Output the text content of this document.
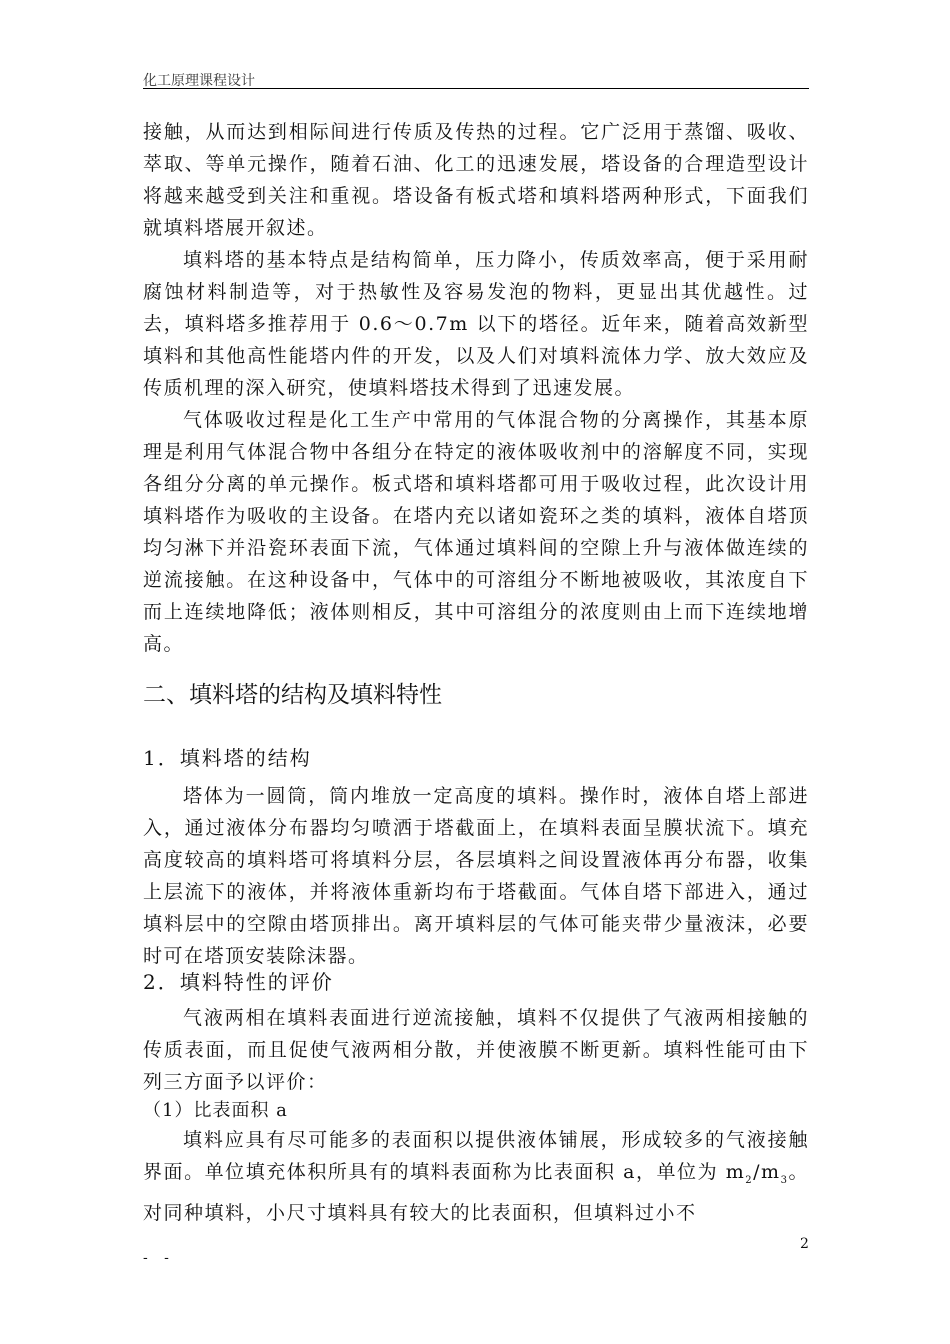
化工原理课程设计

接触，从而达到相际间进行传质及传热的过程。它广泛用于蒸馏、吸收、萃取、等单元操作，随着石油、化工的迅速发展，塔设备的合理造型设计将越来越受到关注和重视。塔设备有板式塔和填料塔两种形式，下面我们就填料塔展开叙述。

填料塔的基本特点是结构简单，压力降小，传质效率高，便于采用耐腐蚀材料制造等，对于热敏性及容易发泡的物料，更显出其优越性。过去，填料塔多推荐用于 0.6～0.7m 以下的塔径。近年来，随着高效新型填料和其他高性能塔内件的开发，以及人们对填料流体力学、放大效应及传质机理的深入研究，使填料塔技术得到了迅速发展。

气体吸收过程是化工生产中常用的气体混合物的分离操作，其基本原理是利用气体混合物中各组分在特定的液体吸收剂中的溶解度不同，实现各组分分离的单元操作。板式塔和填料塔都可用于吸收过程，此次设计用填料塔作为吸收的主设备。在塔内充以诸如瓷环之类的填料，液体自塔顶均匀淋下并沿瓷环表面下流，气体通过填料间的空隙上升与液体做连续的逆流接触。在这种设备中，气体中的可溶组分不断地被吸收，其浓度自下而上连续地降低；液体则相反，其中可溶组分的浓度则由上而下连续地增高。

二、填料塔的结构及填料特性
1．填料塔的结构

塔体为一圆筒，筒内堆放一定高度的填料。操作时，液体自塔上部进入，通过液体分布器均匀喷洒于塔截面上，在填料表面呈膜状流下。填充高度较高的填料塔可将填料分层，各层填料之间设置液体再分布器，收集上层流下的液体，并将液体重新均布于塔截面。气体自塔下部进入，通过填料层中的空隙由塔顶排出。离开填料层的气体可能夹带少量液沫，必要时可在塔顶安装除沫器。

2．填料特性的评价

气液两相在填料表面进行逆流接触，填料不仅提供了气液两相接触的传质表面，而且促使气液两相分散，并使液膜不断更新。填料性能可由下列三方面予以评价：

（1）比表面积 a

填料应具有尽可能多的表面积以提供液体铺展，形成较多的气液接触界面。单位填充体积所具有的填料表面称为比表面积 a，单位为 $m_2/m_3$。对同种填料，小尺寸填料具有较大的比表面积，但填料过小不

2
- -
